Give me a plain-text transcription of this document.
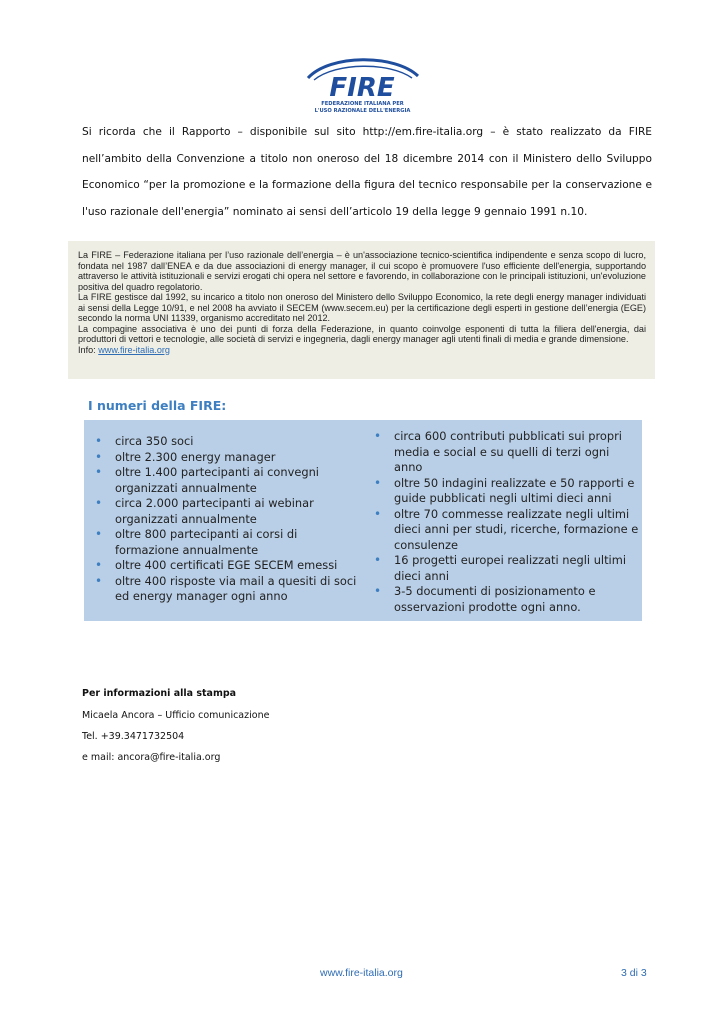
FIRE
FEDERAZIONE ITALIANA PER
L'USO RAZIONALE DELL'ENERGIA
Si ricorda che il Rapporto – disponibile sul sito http://em.fire-italia.org – è stato realizzato da FIRE nell’ambito della Convenzione a titolo non oneroso del 18 dicembre 2014 con il Ministero dello Sviluppo Economico “per la promozione e la formazione della figura del tecnico responsabile per la conservazione e l'uso razionale dell'energia” nominato ai sensi dell’articolo 19 della legge 9 gennaio 1991 n.10.

La FIRE – Federazione italiana per l’uso razionale dell’energia – è un'associazione tecnico-scientifica indipendente e senza scopo di lucro, fondata nel 1987 dall’ENEA e da due associazioni di energy manager, il cui scopo è promuovere l'uso efficiente dell'energia, supportando attraverso le attività istituzionali e servizi erogati chi opera nel settore e favorendo, in collaborazione con le principali istituzioni, un'evoluzione positiva del quadro regolatorio.

La FIRE gestisce dal 1992, su incarico a titolo non oneroso del Ministero dello Sviluppo Economico, la rete degli energy manager individuati ai sensi della Legge 10/91, e nel 2008 ha avviato il SECEM (www.secem.eu) per la certificazione degli esperti in gestione dell’energia (EGE) secondo la norma UNI 11339, organismo accreditato nel 2012.

La compagine associativa è uno dei punti di forza della Federazione, in quanto coinvolge esponenti di tutta la filiera dell'energia, dai produttori di vettori e tecnologie, alle società di servizi e ingegneria, dagli energy manager agli utenti finali di media e grande dimensione.

Info: www.fire-italia.org

I numeri della FIRE:
• circa 350 soci
• oltre 2.300 energy manager
• oltre 1.400 partecipanti ai convegni organizzati annualmente
• circa 2.000 partecipanti ai webinar organizzati annualmente
• oltre 800 partecipanti ai corsi di formazione annualmente
• oltre 400 certificati EGE SECEM emessi
• oltre 400 risposte via mail a quesiti di soci ed energy manager ogni anno
• circa 600 contributi pubblicati sui propri media e social e su quelli di terzi ogni anno
• oltre 50 indagini realizzate e 50 rapporti e guide pubblicati negli ultimi dieci anni
• oltre 70 commesse realizzate negli ultimi dieci anni per studi, ricerche, formazione e consulenze
• 16 progetti europei realizzati negli ultimi dieci anni
• 3-5 documenti di posizionamento e osservazioni prodotte ogni anno.
Per informazioni alla stampa
Micaela Ancora – Ufficio comunicazione
Tel. +39.3471732504
e mail: ancora@fire-italia.org
www.fire-italia.org	3 di 3
